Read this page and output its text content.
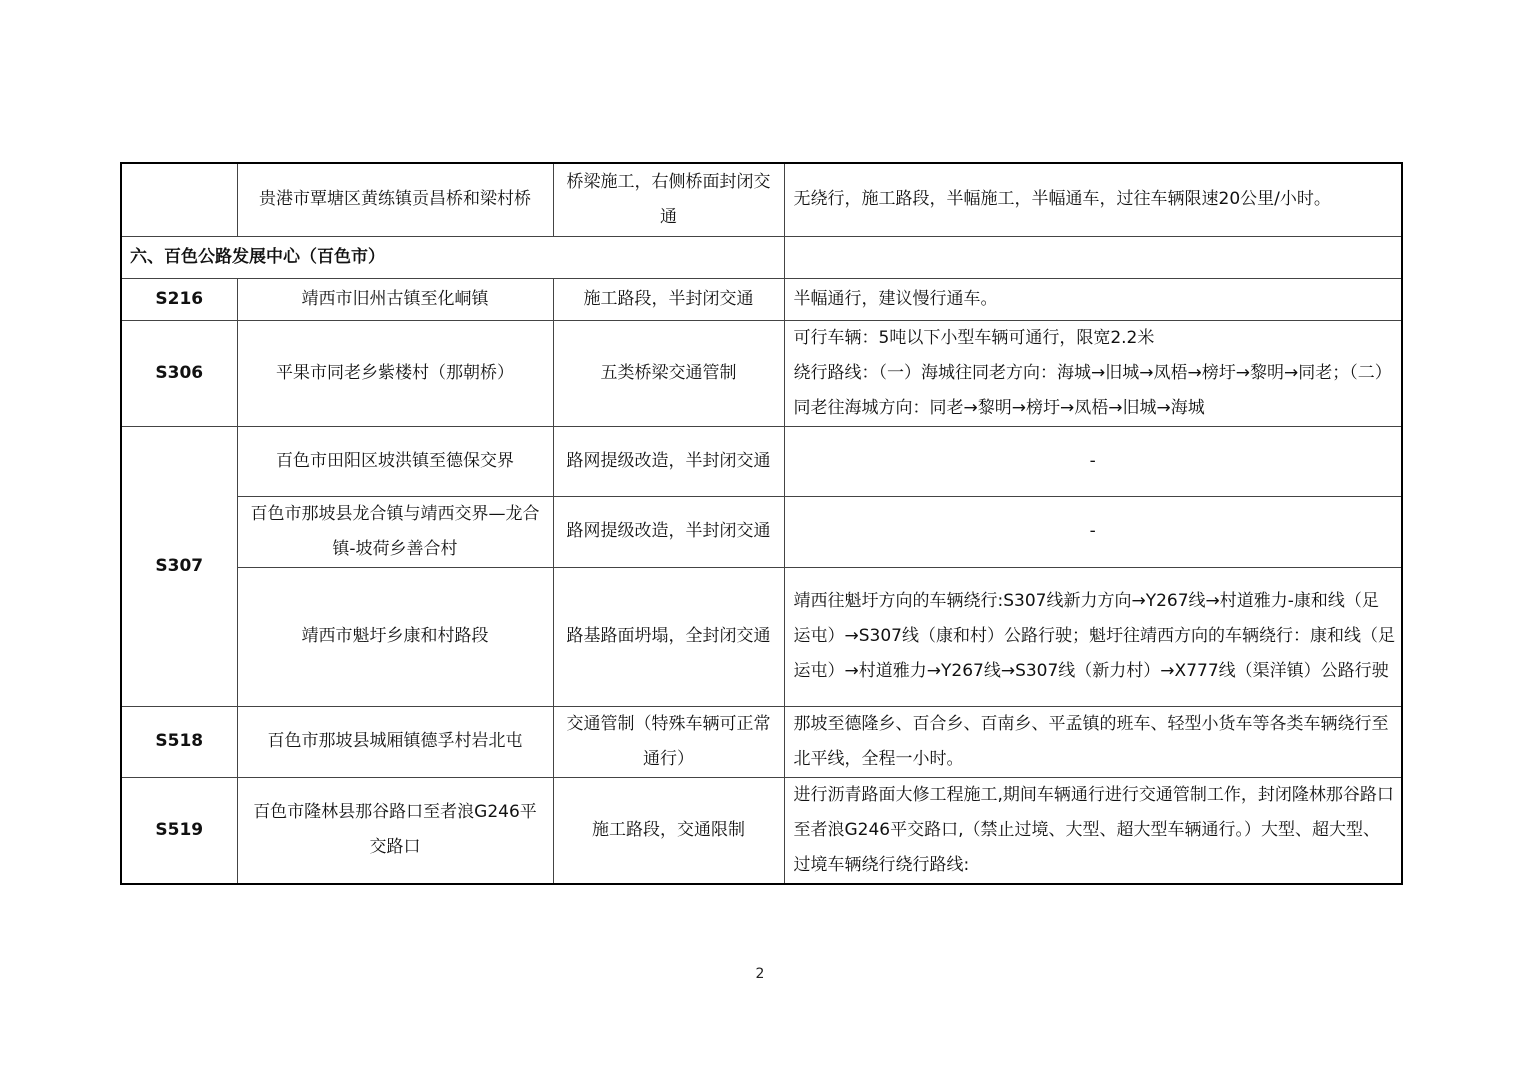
	贵港市覃塘区黄练镇贡昌桥和梁村桥	桥梁施工，右侧桥面封闭交通	无绕行，施工路段，半幅施工，半幅通车，过往车辆限速20公里/小时。
六、百色公路发展中心（百色市）			
S216	靖西市旧州古镇至化峒镇	施工路段，半封闭交通	半幅通行，建议慢行通车。
S306	平果市同老乡紫楼村（那朝桥）	五类桥梁交通管制	可行车辆：5吨以下小型车辆可通行，限宽2.2米
绕行路线：（一）海城往同老方向：海城→旧城→凤梧→榜圩→黎明→同老；（二）同老往海城方向：同老→黎明→榜圩→凤梧→旧城→海城

S307	百色市田阳区坡洪镇至德保交界	路网提级改造，半封闭交通	-
	百色市那坡县龙合镇与靖西交界—龙合镇-坡荷乡善合村	路网提级改造，半封闭交通	-
	靖西市魁圩乡康和村路段	路基路面坍塌，全封闭交通	靖西往魁圩方向的车辆绕行:S307线新力方向→Y267线→村道雅力-康和线（足运屯）→S307线（康和村）公路行驶；魁圩往靖西方向的车辆绕行：康和线（足运屯）→村道雅力→Y267线→S307线（新力村）→X777线（渠洋镇）公路行驶
S518	百色市那坡县城厢镇德孚村岩北屯	交通管制（特殊车辆可正常通行）	那坡至德隆乡、百合乡、百南乡、平孟镇的班车、轻型小货车等各类车辆绕行至北平线，全程一小时。
S519	百色市隆林县那谷路口至者浪G246平交路口	施工路段，交通限制	进行沥青路面大修工程施工,期间车辆通行进行交通管制工作，封闭隆林那谷路口至者浪G246平交路口,（禁止过境、大型、超大型车辆通行。）大型、超大型、过境车辆绕行绕行路线:
2
